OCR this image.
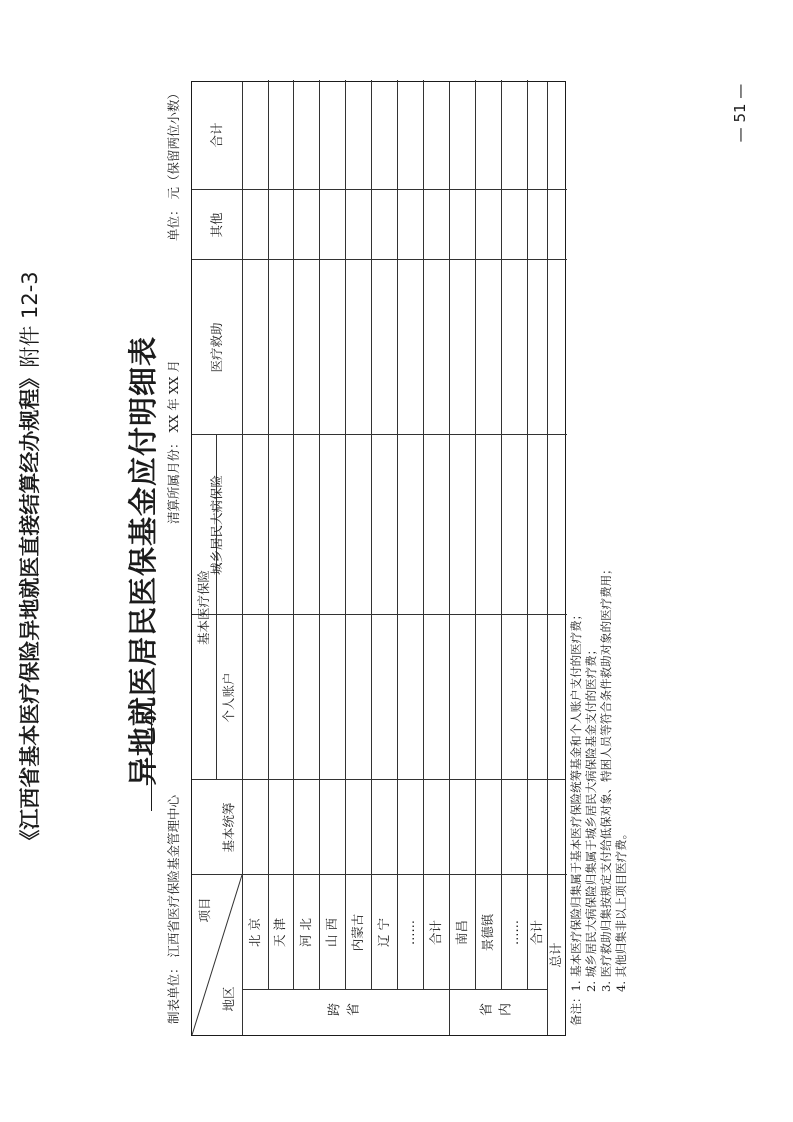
— 51 —
《江西省基本医疗保险异地就医直接结算经办规程》附件 12-3
异地就医居民医保基金应付明细表
制表单位： 江西省医疗保险基金管理中心
清算所属月份： XX 年 XX 月
单位： 元（保留两位小数）
项目
地区
基本医疗保险
基本统筹
个人账户
城乡居民大病保险
医疗救助
其他
合计
跨省	省内
北 京 天 津 河 北 山 西 内蒙古 辽 宁 …… 合计 南昌 景德镇 …… 合计
总计
备注：1. 基本医疗保险归集属于基本医疗保险统筹基金和个人账户支付的医疗费； 2. 城乡居民大病保险归集属于城乡居民大病保险基金支付的医疗费； 3. 医疗救助归集按规定支付给低保对象、特困人员等符合条件救助对象的医疗费用； 4. 其他归集非以上项目医疗费。
